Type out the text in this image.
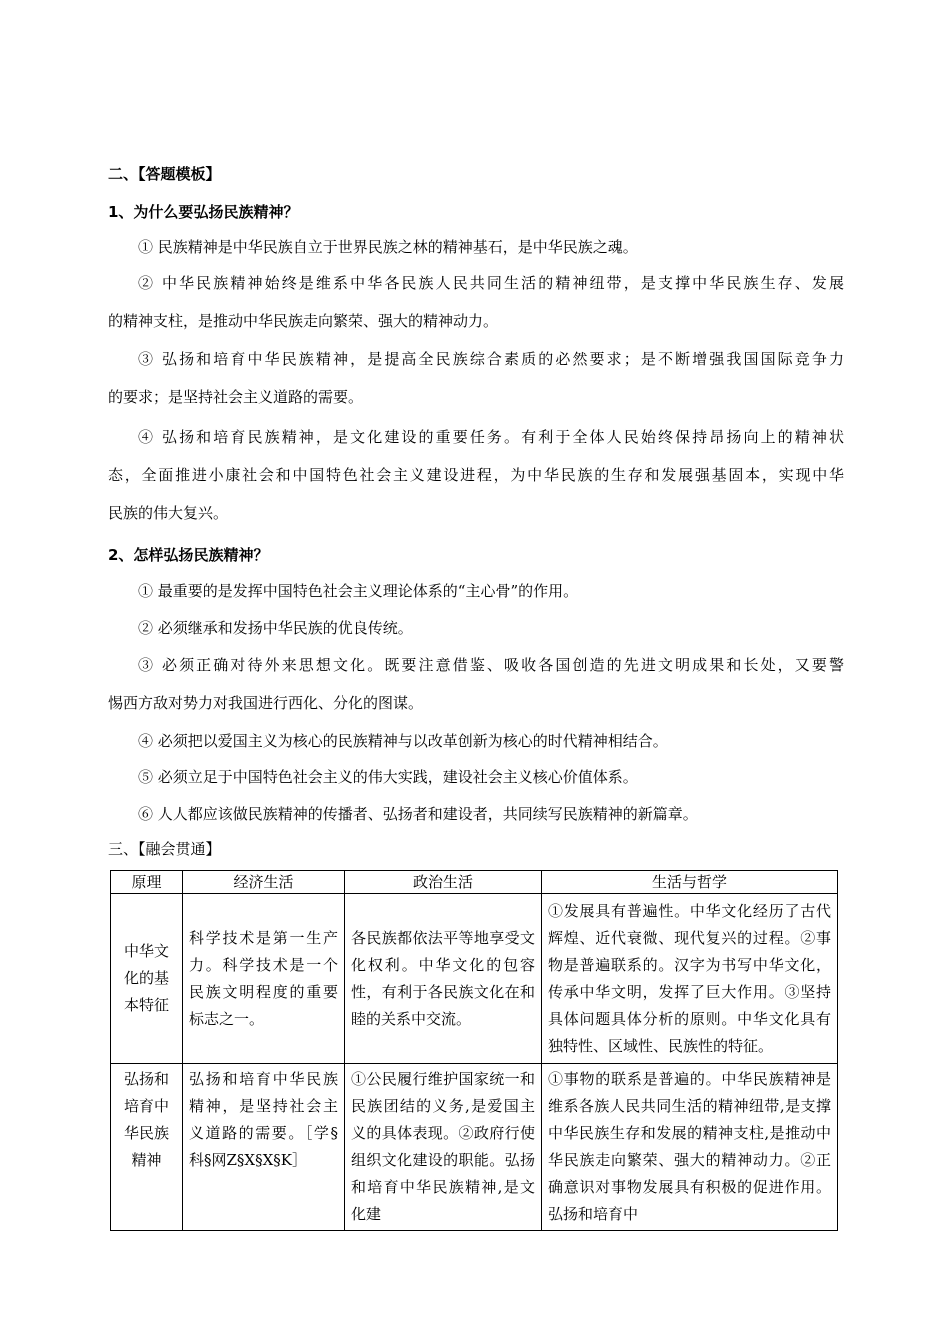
二、【答题模板】
1、为什么要弘扬民族精神？
① 民族精神是中华民族自立于世界民族之林的精神基石，是中华民族之魂。
② 中华民族精神始终是维系中华各民族人民共同生活的精神纽带，是支撑中华民族生存、发展
的精神支柱，是推动中华民族走向繁荣、强大的精神动力。
③ 弘扬和培育中华民族精神，是提高全民族综合素质的必然要求；是不断增强我国国际竞争力
的要求；是坚持社会主义道路的需要。
④ 弘扬和培育民族精神，是文化建设的重要任务。有利于全体人民始终保持昂扬向上的精神状
态，全面推进小康社会和中国特色社会主义建设进程，为中华民族的生存和发展强基固本，实现中华
民族的伟大复兴。
2、怎样弘扬民族精神？
① 最重要的是发挥中国特色社会主义理论体系的“主心骨”的作用。
② 必须继承和发扬中华民族的优良传统。
③ 必须正确对待外来思想文化。既要注意借鉴、吸收各国创造的先进文明成果和长处，又要警
惕西方敌对势力对我国进行西化、分化的图谋。
④ 必须把以爱国主义为核心的民族精神与以改革创新为核心的时代精神相结合。
⑤ 必须立足于中国特色社会主义的伟大实践，建设社会主义核心价值体系。
⑥ 人人都应该做民族精神的传播者、弘扬者和建设者，共同续写民族精神的新篇章。
三、【融会贯通】
原理	经济生活	政治生活	生活与哲学

中华文化的基本特征	科学技术是第一生产力。科学技术是一个民族文明程度的重要标志之一。	各民族都依法平等地享受文化权利。中华文化的包容性，有利于各民族文化在和睦的关系中交流。	①发展具有普遍性。中华文化经历了古代辉煌、近代衰微、现代复兴的过程。②事物是普遍联系的。汉字为书写中华文化，传承中华文明，发挥了巨大作用。③坚持具体问题具体分析的原则。中华文化具有独特性、区域性、民族性的特征。

弘扬和培育中华民族精神	弘扬和培育中华民族精神，是坚持社会主义道路的需要。［学§科§网Z§X§X§K］	①公民履行维护国家统一和民族团结的义务,是爱国主义的具体表现。②政府行使组织文化建设的职能。弘扬和培育中华民族精神,是文化建	①事物的联系是普遍的。中华民族精神是维系各族人民共同生活的精神纽带,是支撑中华民族生存和发展的精神支柱,是推动中华民族走向繁荣、强大的精神动力。②正确意识对事物发展具有积极的促进作用。弘扬和培育中
